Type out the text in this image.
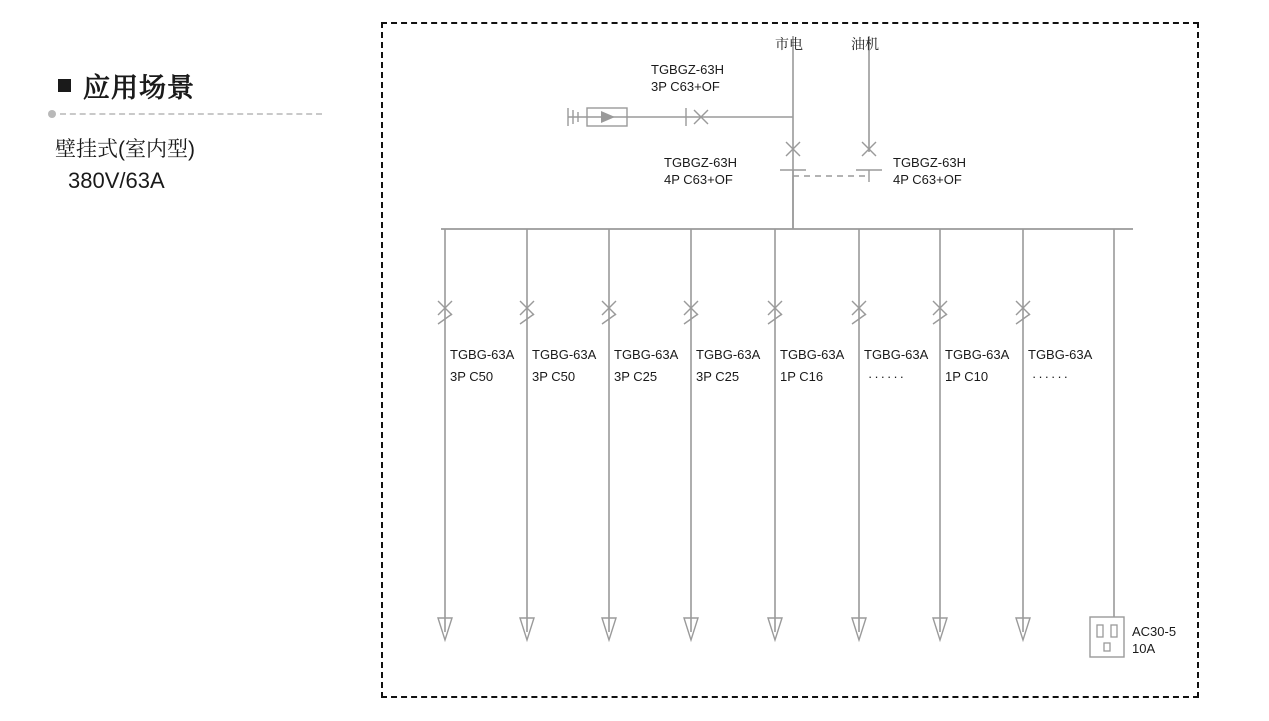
应用场景
壁挂式(室内型)
380V/63A
市电	油机
TGBGZ-63H
3P C63+OF
TGBGZ-63H
4P C63+OF
TGBGZ-63H
4P C63+OF
TGBG-63A
3P C50
TGBG-63A
3P C50
TGBG-63A
3P C25
TGBG-63A
3P C25
TGBG-63A
1P C16
TGBG-63A
······
TGBG-63A
1P C10
TGBG-63A
······
AC30-5
10A
